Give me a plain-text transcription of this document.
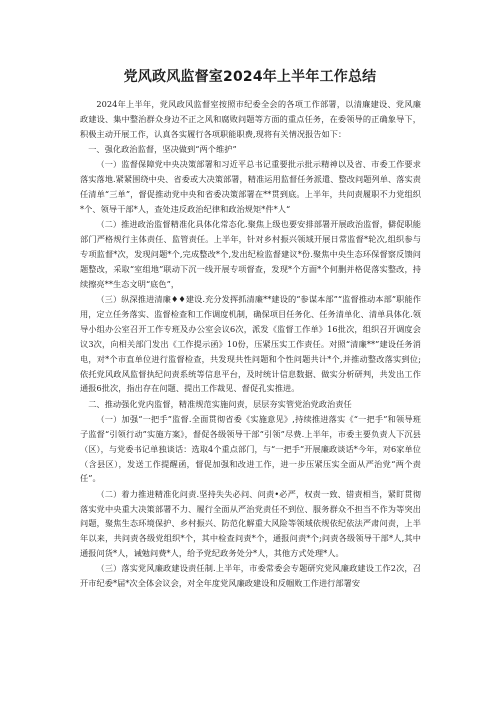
党风政风监督室2024年上半年工作总结

2024年上半年，党风政风监督室按照市纪委全会的各项工作部署，以清廉建设、党风廉政建设、集中整治群众身边不正之风和腐败问题等方面的重点任务，在委领导的正确象导下，积极主动开展工作，认真各实履行各项职能职费,现将有关情况报告如下：

一、强化政治监督，坚决做到“两个维护”

（一）监督保障党中央决策部署和习近平总书记重要批示批示精神以及省、市委工作要求落实落地.紧紧围绕中央、省委或大决策部署，精准运用监督任务派遣、整改问题列单、落实责任清单“三单”，督促推动党中央和省委决策部署在**贯到底。上半年，共问责履职不力党组织*个、领导干部*人，查处违反政治纪律和政治规矩*件*人“

（二）推进政治监督精准化具体化常态化.聚焦上级也要安排部署开展政治监督，僻促职能部门严格规行主体责任、监管责任。上半年，针对乡村振兴领域开展日常监督*轮次,组织参与专项监督*次，发现问题*个,完成整改*个,发出纪检监督建议*份.聚焦中央生态环保督察反馈问题整改，采取“室组地”联动下沉一线开展专项督查，发现*个方面*个何删并格促落实整改，持续擦亮**生态文明“底色”，

（三）纵深推进清廉♦♦建设.充分发挥抓清廉**建设的“参谋本部”“监督推动本部”职能作用，定立任务落实、监督检查和工作调度机制，确保项目任务化、任务清单化、清单具体化.领导小组办公室召开工作专班及办公室会议6次，派发《监督工作单》16批次，组织召开调度会议3次，向相关部门发出《工作提示函》10份，压紧压实工作责任。对照“清廉**”建设任务消电，对*个市直单位进行监督检查，共发现共性问题和个性问题共计*个,并推动整改落实到位;依托党风政风监督执纪问责系统等信息平台，及时统计信息数据、做实分析研判，共发出工作通报6批次，指出存在问题、提出工作裁见、督促孔实推进。

二、推动强化党内监督，精准规范实施问责，层层夯实管党治党政治责任

（一）加强“一把手”监督.全面贯彻省委《实施意见》,持续推进落实《“一把手”和领导班子监督“引领行动”实施方案》，督促各级领导干部“引领”尽费.上半年，市委主要负责人下沉县（区），与党委书记单独谈话：选取4个重点部门，与“一把手”开展廉政谈话*今年，对6家单位（含县区），发送工作提醒函，督促加强和改进工作，进一步压紧压实全面从严治党“两个责任”。

（二）着力推进精准化问责.坚持失失必问、问责•必严，权责一致、错责相当，紧盯贯彻落实党中央重大决策部署不力、履行全面从严治党责任不到位、服务群众不担当不作为等突出问题，聚焦生态环境保护、乡村振兴、防范化解重大风险等领域依规依纪依法严肃问责，上半年以来，共问责各级党组织*个，其中检查问责*个，通报问责*个;问责各级领导干部*人,其中通报问货*人，诫勉问费*人，给予党纪政务处分*人，其他方式处理*人。

（三）落实党风廉政建设责任制.上半年，市委常委会专题研究党风廉政建设工作2次，召开市纪委*届*次全体会议会，对全年度党风廉政建设和反帼败工作进行部署安
